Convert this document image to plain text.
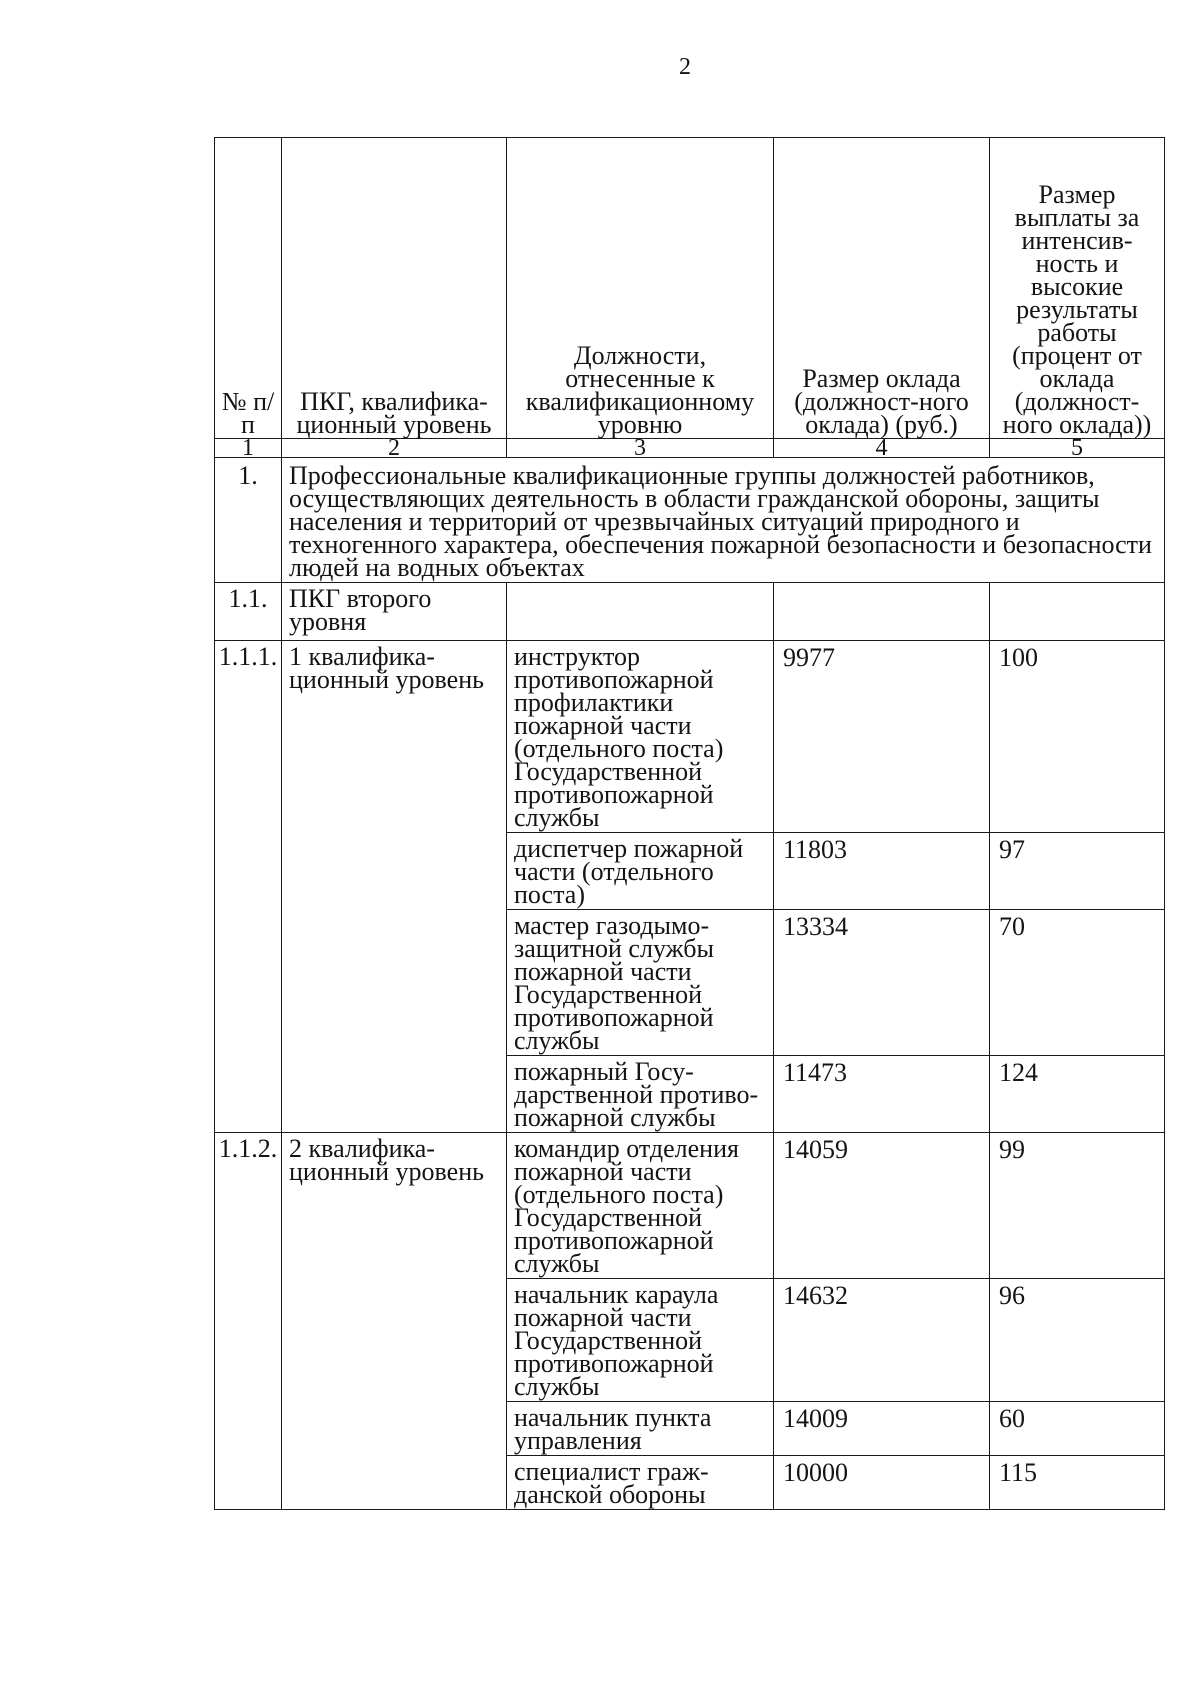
2
№ п/п	ПКГ, квалифика-ционный уровень	Должности, отнесенные к квалификационному уровню	Размер оклада (должност-ного оклада) (руб.)	Размер выплаты за интенсив-ность и высокие результаты работы (процент от оклада (должност-ного оклада))
1	2	3	4	5
1.	Профессиональные квалификационные группы должностей работников, осуществляющих деятельность в области гражданской обороны, защиты населения и территорий от чрезвычайных ситуаций природного и техногенного характера, обеспечения пожарной безопасности и безопасности людей на водных объектах			
1.1.	ПКГ второго уровня			
1.1.1.	1 квалифика-ционный уровень	инструктор противопожарной профилактики пожарной части (отдельного поста) Государственной противопожарной службы	9977	100
		диспетчер пожарной части (отдельного поста)	11803	97
		мастер газодымо-защитной службы пожарной части Государственной противопожарной службы	13334	70
		пожарный Госу-дарственной противо-пожарной службы	11473	124
1.1.2.	2 квалифика-ционный уровень	командир отделения пожарной части (отдельного поста) Государственной противопожарной службы	14059	99
		начальник караула пожарной части Государственной противопожарной службы	14632	96
		начальник пункта управления	14009	60
		специалист граж-данской обороны	10000	115
